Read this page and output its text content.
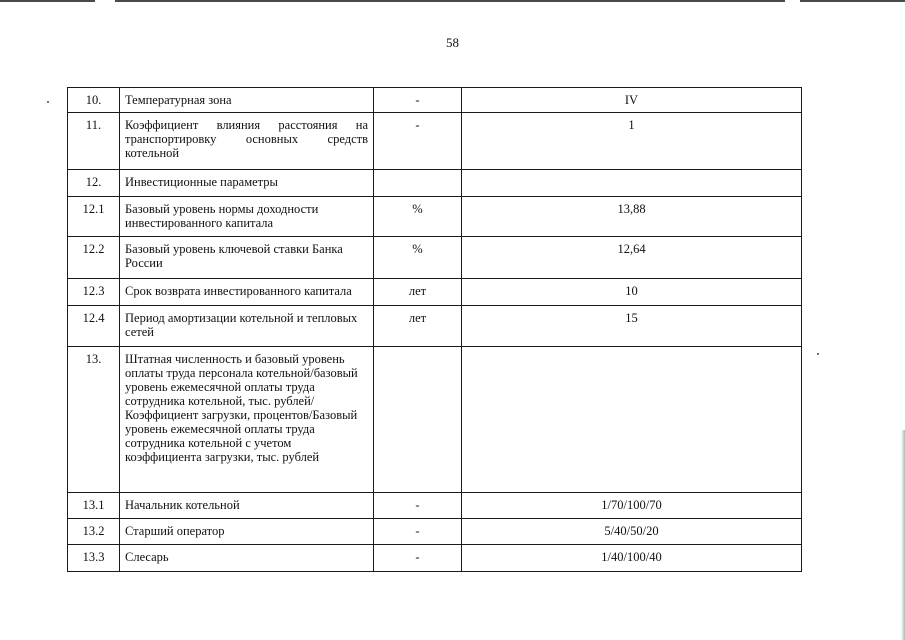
58
10.	Температурная зона	-	IV
11.	Коэффициент влияния расстояния на транспортировку основных средств котельной	-	1
12.	Инвестиционные параметры		
12.1	Базовый уровень нормы доходности инвестированного капитала	%	13,88
12.2	Базовый уровень ключевой ставки Банка России	%	12,64
12.3	Срок возврата инвестированного капитала	лет	10
12.4	Период амортизации котельной и тепловых сетей	лет	15
13.	Штатная численность и базовый уровень оплаты труда персонала котельной/базовый уровень ежемесячной оплаты труда сотрудника котельной, тыс. рублей/Коэффициент загрузки, процентов/Базовый уровень ежемесячной оплаты труда сотрудника котельной с учетом коэффициента загрузки, тыс. рублей		
13.1	Начальник котельной	-	1/70/100/70
13.2	Старший оператор	-	5/40/50/20
13.3	Слесарь	-	1/40/100/40
